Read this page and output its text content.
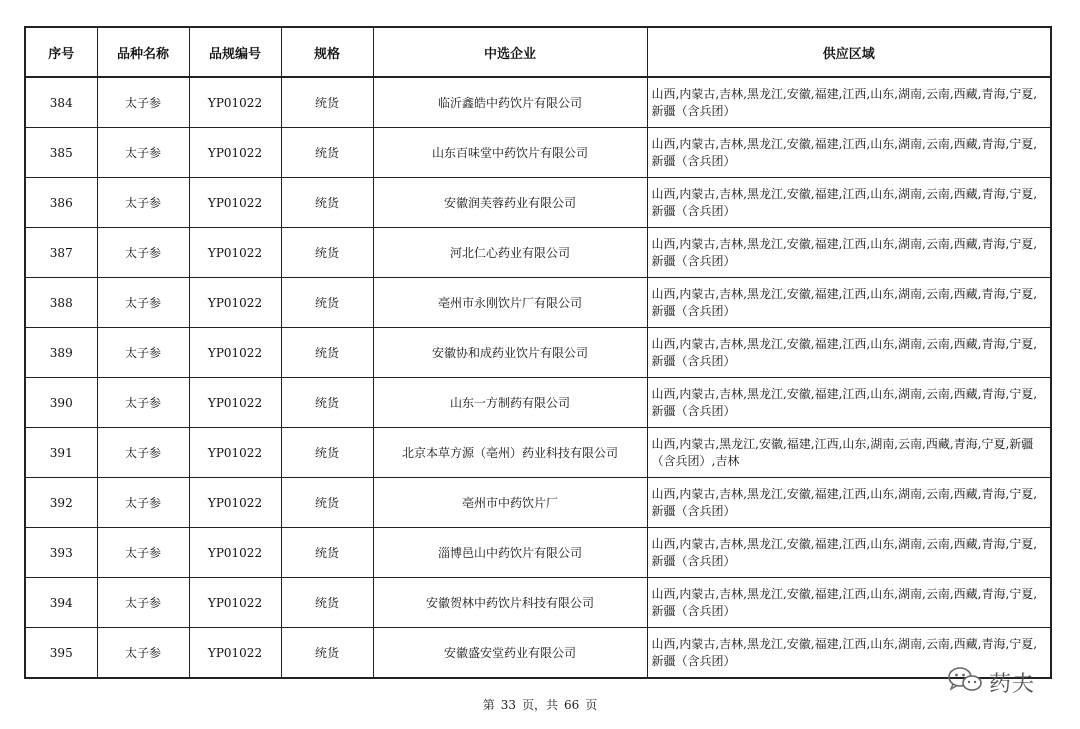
序号	品种名称	品规编号	规格	中选企业	供应区域
384	太子参	YP01022	统货	临沂鑫皓中药饮片有限公司	山西,内蒙古,吉林,黑龙江,安徽,福建,江西,山东,湖南,云南,西藏,青海,宁夏,新疆（含兵团）
385	太子参	YP01022	统货	山东百味堂中药饮片有限公司	山西,内蒙古,吉林,黑龙江,安徽,福建,江西,山东,湖南,云南,西藏,青海,宁夏,新疆（含兵团）
386	太子参	YP01022	统货	安徽润芙蓉药业有限公司	山西,内蒙古,吉林,黑龙江,安徽,福建,江西,山东,湖南,云南,西藏,青海,宁夏,新疆（含兵团）
387	太子参	YP01022	统货	河北仁心药业有限公司	山西,内蒙古,吉林,黑龙江,安徽,福建,江西,山东,湖南,云南,西藏,青海,宁夏,新疆（含兵团）
388	太子参	YP01022	统货	亳州市永刚饮片厂有限公司	山西,内蒙古,吉林,黑龙江,安徽,福建,江西,山东,湖南,云南,西藏,青海,宁夏,新疆（含兵团）
389	太子参	YP01022	统货	安徽协和成药业饮片有限公司	山西,内蒙古,吉林,黑龙江,安徽,福建,江西,山东,湖南,云南,西藏,青海,宁夏,新疆（含兵团）
390	太子参	YP01022	统货	山东一方制药有限公司	山西,内蒙古,吉林,黑龙江,安徽,福建,江西,山东,湖南,云南,西藏,青海,宁夏,新疆（含兵团）
391	太子参	YP01022	统货	北京本草方源（亳州）药业科技有限公司	山西,内蒙古,黑龙江,安徽,福建,江西,山东,湖南,云南,西藏,青海,宁夏,新疆（含兵团）,吉林
392	太子参	YP01022	统货	亳州市中药饮片厂	山西,内蒙古,吉林,黑龙江,安徽,福建,江西,山东,湖南,云南,西藏,青海,宁夏,新疆（含兵团）
393	太子参	YP01022	统货	淄博邑山中药饮片有限公司	山西,内蒙古,吉林,黑龙江,安徽,福建,江西,山东,湖南,云南,西藏,青海,宁夏,新疆（含兵团）
394	太子参	YP01022	统货	安徽贺林中药饮片科技有限公司	山西,内蒙古,吉林,黑龙江,安徽,福建,江西,山东,湖南,云南,西藏,青海,宁夏,新疆（含兵团）
395	太子参	YP01022	统货	安徽盛安堂药业有限公司	山西,内蒙古,吉林,黑龙江,安徽,福建,江西,山东,湖南,云南,西藏,青海,宁夏,新疆（含兵团）
第 33 页，共 66 页
药夫
